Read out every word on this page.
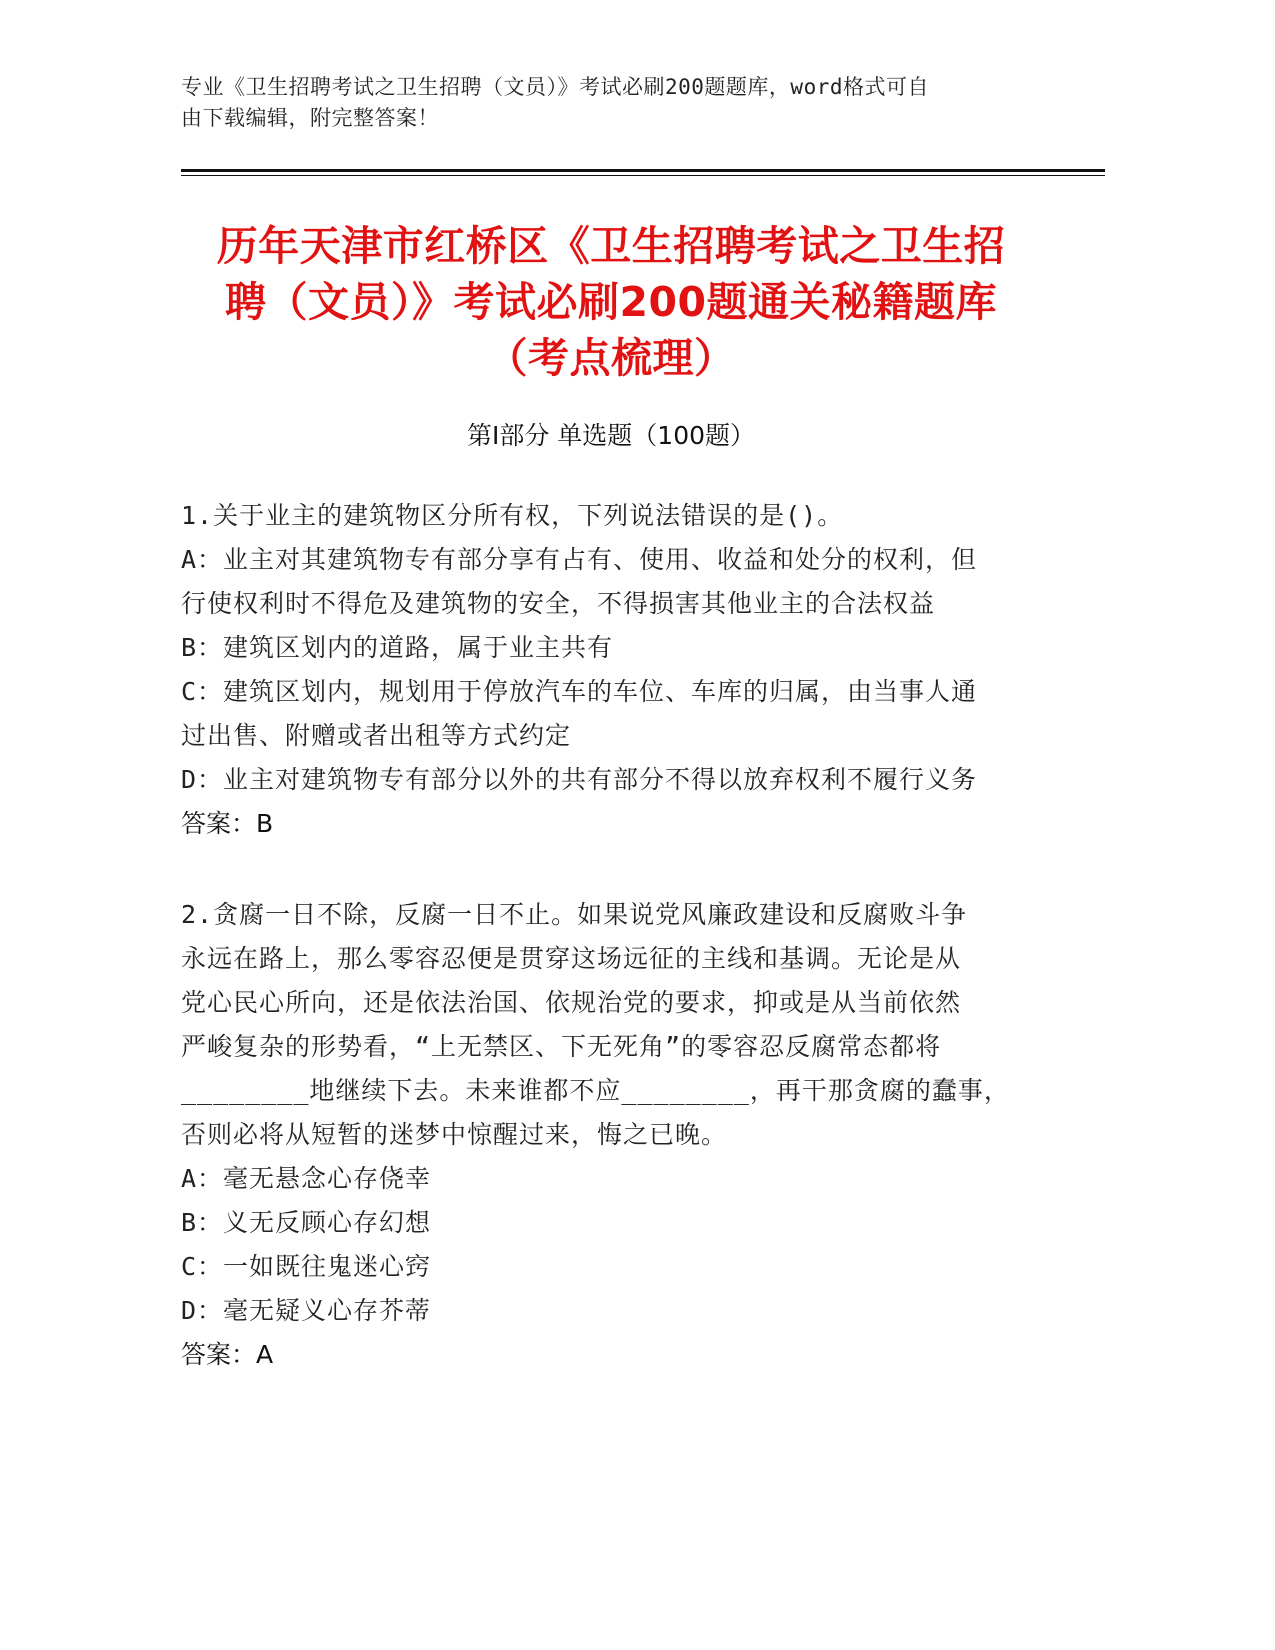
专业《卫生招聘考试之卫生招聘（文员）》考试必刷200题题库，word格式可自
由下载编辑，附完整答案！
历年天津市红桥区《卫生招聘考试之卫生招
聘（文员）》考试必刷200题通关秘籍题库
（考点梳理）
第Ⅰ部分 单选题（100题）

1.关于业主的建筑物区分所有权，下列说法错误的是()。

A：业主对其建筑物专有部分享有占有、使用、收益和处分的权利，但

行使权利时不得危及建筑物的安全，不得损害其他业主的合法权益

B：建筑区划内的道路，属于业主共有

C：建筑区划内，规划用于停放汽车的车位、车库的归属，由当事人通

过出售、附赠或者出租等方式约定

D：业主对建筑物专有部分以外的共有部分不得以放弃权利不履行义务

答案：B

2.贪腐一日不除，反腐一日不止。如果说党风廉政建设和反腐败斗争

永远在路上，那么零容忍便是贯穿这场远征的主线和基调。无论是从

党心民心所向，还是依法治国、依规治党的要求，抑或是从当前依然

严峻复杂的形势看，“上无禁区、下无死角”的零容忍反腐常态都将

________地继续下去。未来谁都不应________，再干那贪腐的蠢事，

否则必将从短暂的迷梦中惊醒过来，悔之已晚。

A：毫无悬念心存侥幸

B：义无反顾心存幻想

C：一如既往鬼迷心窍

D：毫无疑义心存芥蒂

答案：A
